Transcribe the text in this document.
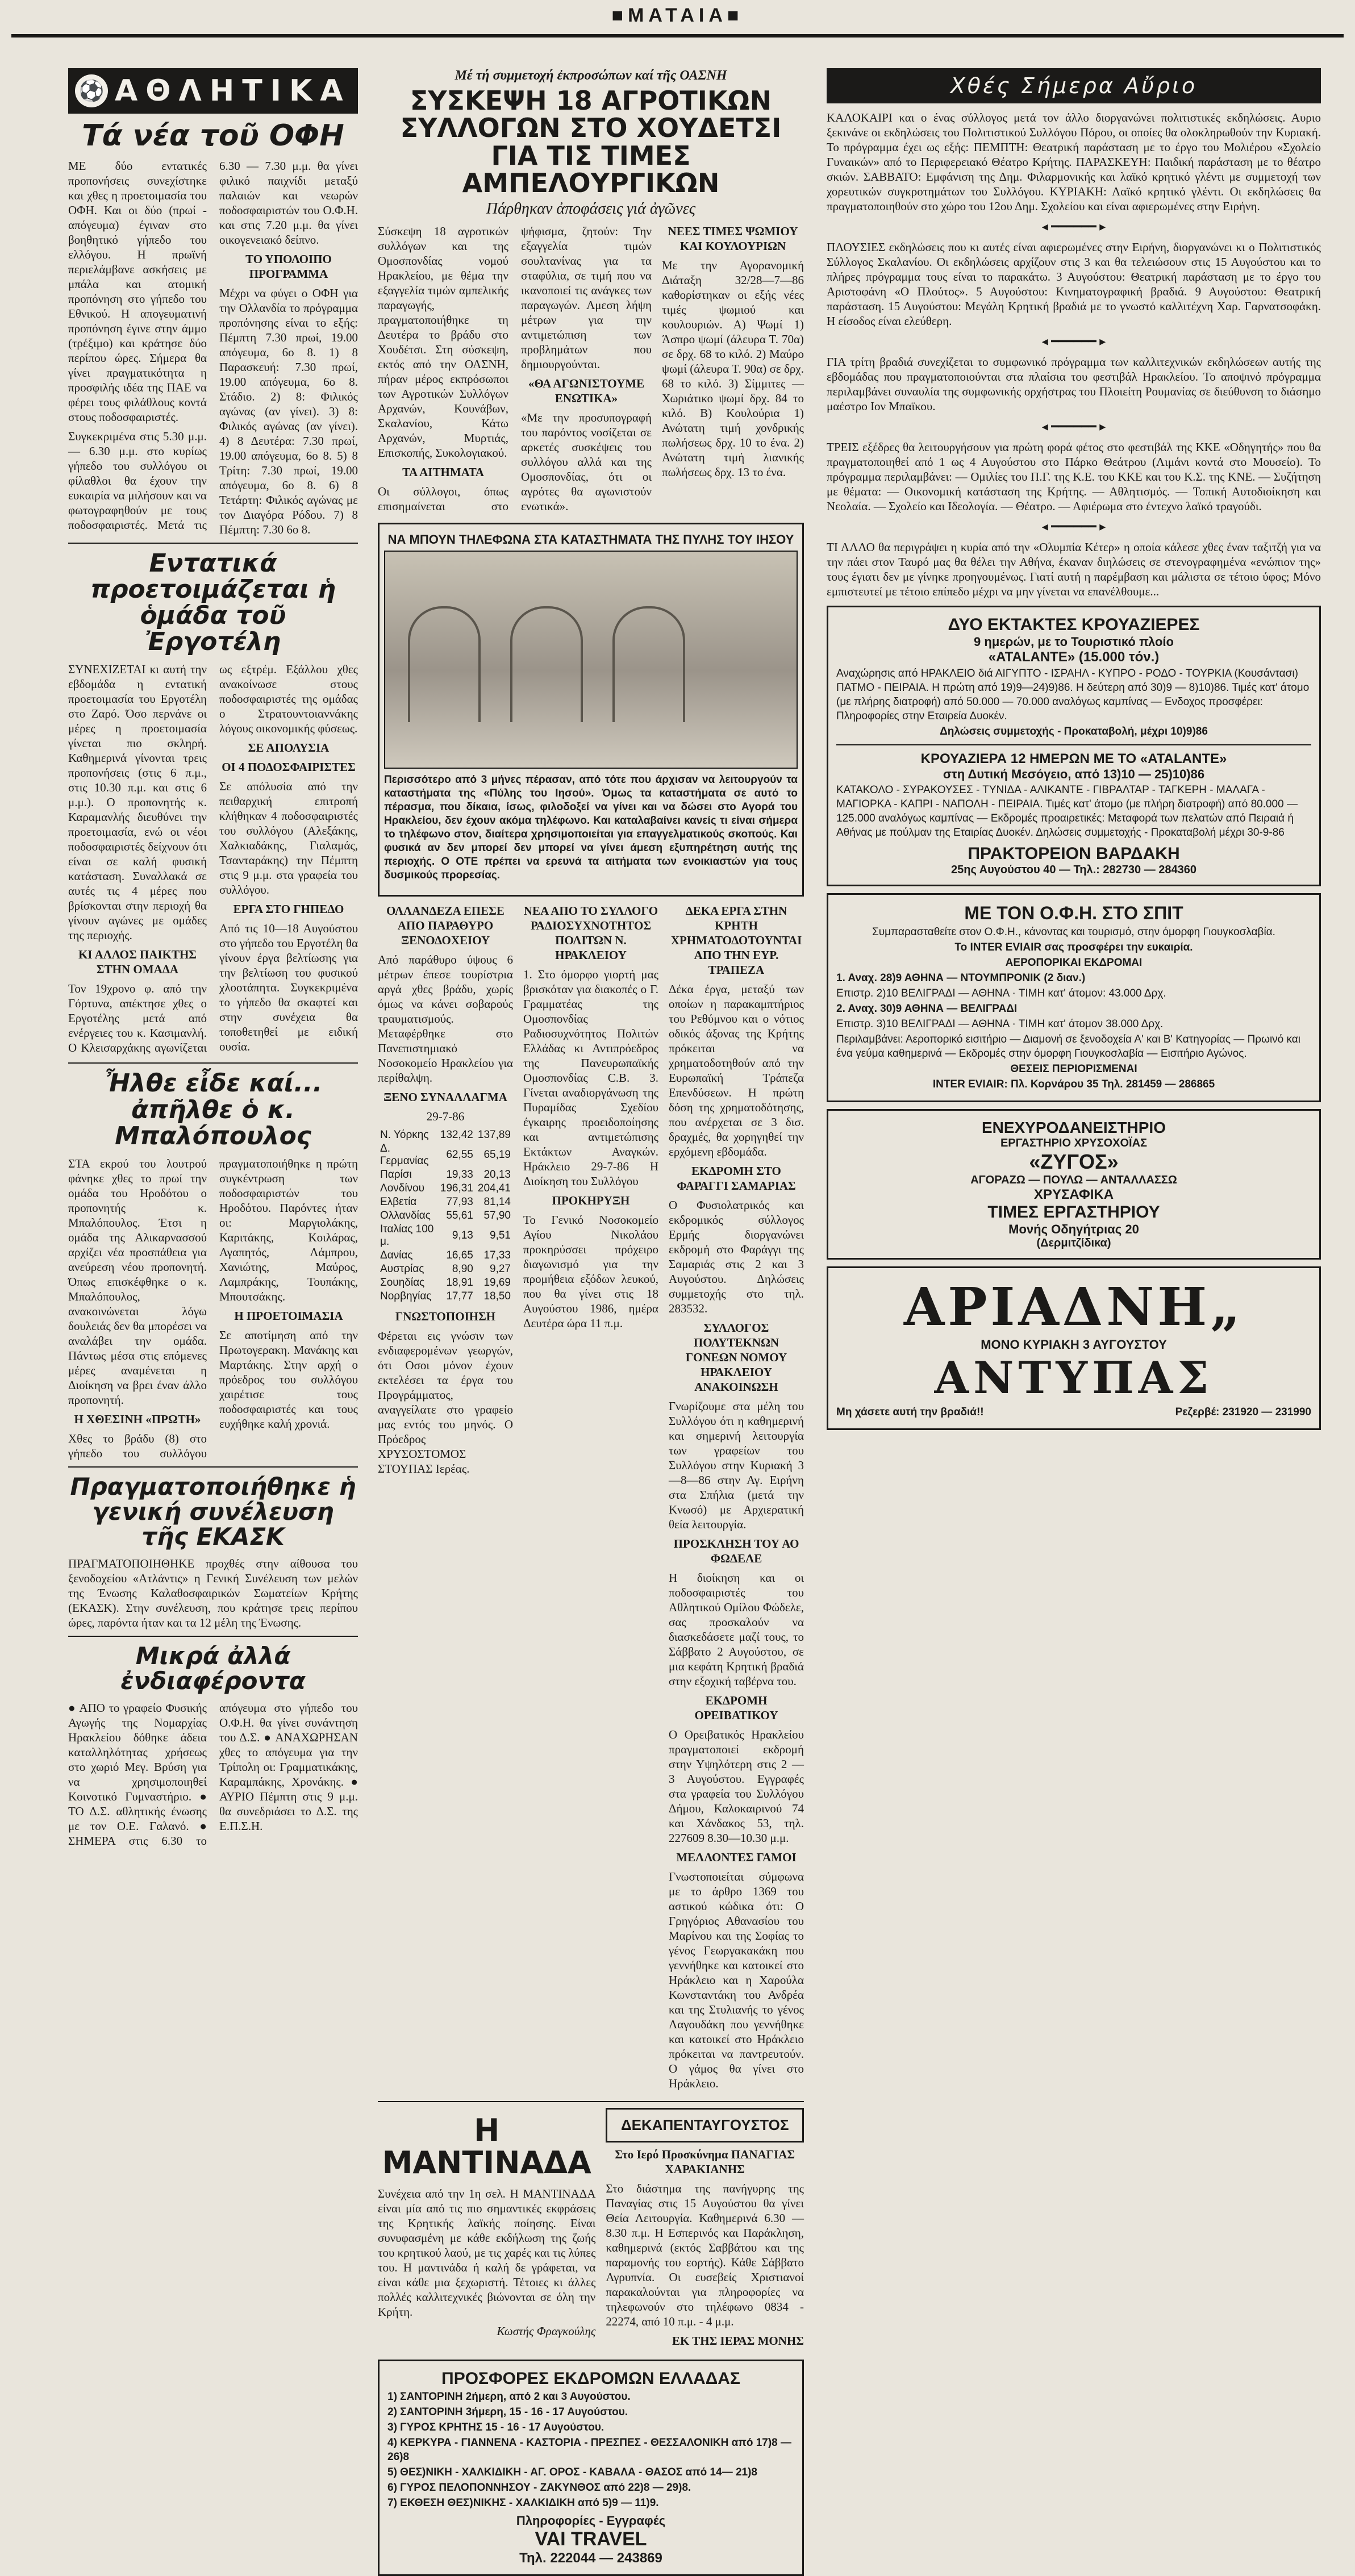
■ΜΑΤΑΙΑ■
⚽ ΑΘΛΗΤΙΚΑ
Τά νέα τοῦ ΟΦΗ

ΜΕ δύο εντατικές προπονήσεις συνεχίστηκε και χθες η προετοιμασία του ΟΦΗ. Και οι δύο (πρωί - απόγευμα) έγιναν στο βοηθητικό γήπεδο του ελλόγου. Η πρωϊνή περιελάμβανε ασκήσεις με μπάλα και ατομική προπόνηση στο γήπεδο του Εθνικού. Η απογευματινή προπόνηση έγινε στην άμμο (τρέξιμο) και κράτησε δύο περίπου ώρες. Σήμερα θα γίνει πραγματικότητα η προσφιλής ιδέα της ΠΑΕ να φέρει τους φιλάθλους κοντά στους ποδοσφαιριστές.

Συγκεκριμένα στις 5.30 μ.μ.— 6.30 μ.μ. στο κυρίως γήπεδο του συλλόγου οι φίλαθλοι θα έχουν την ευκαιρία να μιλήσουν και να φωτογραφηθούν με τους ποδοσφαιριστές. Μετά τις 6.30 — 7.30 μ.μ. θα γίνει φιλικό παιχνίδι μεταξύ παλαιών και νεωρών ποδοσφαιριστών του Ο.Φ.Η. και στις 7.20 μ.μ. θα γίνει οικογενειακό δείπνο.

ΤΟ ΥΠΟΛΟΙΠΟ ΠΡΟΓΡΑΜΜΑ

Μέχρι να φύγει ο ΟΦΗ για την Ολλανδία το πρόγραμμα προπόνησης είναι το εξής: Πέμπτη 7.30 πρωί, 19.00 απόγευμα, 6ο 8. 1) 8 Παρασκευή: 7.30 πρωί, 19.00 απόγευμα, 6ο 8. Στάδιο. 2) 8: Φιλικός αγώνας (αν γίνει). 3) 8: Φιλικός αγώνας (αν γίνει). 4) 8 Δευτέρα: 7.30 πρωί, 19.00 απόγευμα, 6ο 8. 5) 8 Τρίτη: 7.30 πρωί, 19.00 απόγευμα, 6ο 8. 6) 8 Τετάρτη: Φιλικός αγώνας με τον Διαγόρα Ρόδου. 7) 8 Πέμπτη: 7.30 6ο 8.

Εντατικά προετοιμάζεται ἡ ὁμάδα τοῦ Ἐργοτέλη

ΣΥΝΕΧΙΖΕΤΑΙ κι αυτή την εβδομάδα η εντατική προετοιμασία του Εργοτέλη στο Ζαρό. Όσο περνάνε οι μέρες η προετοιμασία γίνεται πιο σκληρή. Καθημερινά γίνονται τρεις προπονήσεις (στις 6 π.μ., στις 10.30 π.μ. και στις 6 μ.μ.). Ο προπονητής κ. Καραμανλής διευθύνει την προετοιμασία, ενώ οι νέοι ποδοσφαιριστές δείχνουν ότι είναι σε καλή φυσική κατάσταση. Συναλλακά σε αυτές τις 4 μέρες που βρίσκονται στην περιοχή θα γίνουν αγώνες με ομάδες της περιοχής.

ΚΙ ΑΛΛΟΣ ΠΑΙΚΤΗΣ ΣΤΗΝ ΟΜΑΔΑ

Τον 19χρονο φ. από την Γόρτυνα, απέκτησε χθες ο Εργοτέλης μετά από ενέργειες του κ. Κασιμανλή. Ο Κλεισαρχάκης αγωνίζεται ως εξτρέμ. Εξάλλου χθες ανακοίνωσε στους ποδοσφαιριστές της ομάδας ο Στρατουντοιαννάκης λόγους οικονομικής φύσεως.

ΣΕ ΑΠΟΛΥΣΙΑ

ΟΙ 4 ΠΟΔΟΣΦΑΙΡΙΣΤΕΣ

Σε απόλυσία από την πειθαρχική επιτροπή κλήθηκαν 4 ποδοσφαιριστές του συλλόγου (Αλεξάκης, Χαλκιαδάκης, Γιαλαμάς, Τσανταράκης) την Πέμπτη στις 9 μ.μ. στα γραφεία του συλλόγου.

ΕΡΓΑ ΣΤΟ ΓΗΠΕΔΟ

Από τις 10—18 Αυγούστου στο γήπεδο του Εργοτέλη θα γίνουν έργα βελτίωσης για την βελτίωση του φυσικού χλοοτάπητα. Συγκεκριμένα το γήπεδο θα σκαφτεί και στην συνέχεια θα τοποθετηθεί με ειδική ουσία.

Ἦλθε εἶδε καί... ἀπῆλθε ὁ κ. Μπαλόπουλος

ΣΤΑ εκρού του λουτρού φάνηκε χθες το πρωί την ομάδα του Ηροδότου ο προπονητής κ. Μπαλόπουλος. Έτσι η ομάδα της Αλικαρνασσού αρχίζει νέα προσπάθεια για ανεύρεση νέου προπονητή. Όπως επισκέφθηκε ο κ. Μπαλόπουλος, ανακοινώνεται λόγω δουλειάς δεν θα μπορέσει να αναλάβει την ομάδα. Πάντως μέσα στις επόμενες μέρες αναμένεται η Διοίκηση να βρει έναν άλλο προπονητή.

Η ΧΘΕΣΙΝΗ «ΠΡΩΤΗ»

Χθες το βράδυ (8) στο γήπεδο του συλλόγου πραγματοποιήθηκε η πρώτη συγκέντρωση των ποδοσφαιριστών του Ηροδότου. Παρόντες ήταν οι: Μαργιολάκης, Καριτάκης, Κοιλάρας, Αγαπητός, Λάμπρου, Χανιώτης, Μαύρος, Λαμπράκης, Τουπάκης, Μπουτσάκης.

Η ΠΡΟΕΤΟΙΜΑΣΙΑ

Σε αποτίμηση από την Πρωτογερακη. Μανάκης και Μαρτάκης. Στην αρχή ο πρόεδρος του συλλόγου χαιρέτισε τους ποδοσφαιριστές και τους ευχήθηκε καλή χρονιά.

Πραγματοποιήθηκε ἡ γενική συνέλευση τῆς ΕΚΑΣΚ

ΠΡΑΓΜΑΤΟΠΟΙΗΘΗΚΕ προχθές στην αίθουσα του ξενοδοχείου «Ατλάντις» η Γενική Συνέλευση των μελών της Ένωσης Καλαθοσφαιρικών Σωματείων Κρήτης (ΕΚΑΣΚ). Στην συνέλευση, που κράτησε τρεις περίπου ώρες, παρόντα ήταν και τα 12 μέλη της Ένωσης.

Μικρά ἀλλά ἐνδιαφέροντα

● ΑΠΟ το γραφείο Φυσικής Αγωγής της Νομαρχίας Ηρακλείου δόθηκε άδεια καταλληλότητας χρήσεως στο χωριό Μεγ. Βρύση για να χρησιμοποιηθεί Κοινοτικό Γυμναστήριο. ● ΤΟ Δ.Σ. αθλητικής ένωσης με τον Ο.Ε. Γαλανό. ● ΣΗΜΕΡΑ στις 6.30 το απόγευμα στο γήπεδο του Ο.Φ.Η. θα γίνει συνάντηση του Δ.Σ. ● ΑΝΑΧΩΡΗΣΑΝ χθες το απόγευμα για την Τρίπολη οι: Γραμματικάκης, Καραμπάκης, Χρονάκης. ● ΑΥΡΙΟ Πέμπτη στις 9 μ.μ. θα συνεδριάσει το Δ.Σ. της Ε.Π.Σ.Η.

Μέ τή συμμετοχή ἐκπροσώπων καί τῆς ΟΑΣΝΗ
ΣΥΣΚΕΨΗ 18 ΑΓΡΟΤΙΚΩΝ ΣΥΛΛΟΓΩΝ ΣΤΟ ΧΟΥΔΕΤΣΙ ΓΙΑ ΤΙΣ ΤΙΜΕΣ ΑΜΠΕΛΟΥΡΓΙΚΩΝ
Πάρθηκαν ἀποφάσεις γιά ἀγῶνες

Σύσκεψη 18 αγροτικών συλλόγων και της Ομοσπονδίας νομού Ηρακλείου, με θέμα την εξαγγελία τιμών αμπελικής παραγωγής, πραγματοποιήθηκε τη Δευτέρα το βράδυ στο Χουδέτσι. Στη σύσκεψη, εκτός από την ΟΑΣΝΗ, πήραν μέρος εκπρόσωποι των Αγροτικών Συλλόγων Αρχανών, Κουνάβων, Σκαλανίου, Κάτω Αρχανών, Μυρτιάς, Επισκοπής, Συκολογιακού.

ΤΑ ΑΙΤΗΜΑΤΑ

Οι σύλλογοι, όπως επισημαίνεται στο ψήφισμα, ζητούν: Την εξαγγελία τιμών σουλτανίνας για τα σταφύλια, σε τιμή που να ικανοποιεί τις ανάγκες των παραγωγών. Αμεση λήψη μέτρων για την αντιμετώπιση των προβλημάτων που δημιουργούνται.

«ΘΑ ΑΓΩΝΙΣΤΟΥΜΕ ΕΝΩΤΙΚΑ»

«Με την προσυπογραφή του παρόντος νοσίζεται σε αρκετές συσκέψεις του συλλόγου αλλά και της Ομοσπονδίας, ότι οι αγρότες θα αγωνιστούν ενωτικά».

ΝΕΕΣ ΤΙΜΕΣ ΨΩΜΙΟΥ ΚΑΙ ΚΟΥΛΟΥΡΙΩΝ

Με την Αγορανομική Διάταξη 32/28—7—86 καθορίστηκαν οι εξής νέες τιμές ψωμιού και κουλουριών. Α) Ψωμί 1) Άσπρο ψωμί (άλευρα Τ. 70α) σε δρχ. 68 το κιλό. 2) Μαύρο ψωμί (άλευρα Τ. 90α) σε δρχ. 68 το κιλό. 3) Σίμμιτες — Χωριάτικο ψωμί δρχ. 84 το κιλό. Β) Κουλούρια 1) Ανώτατη τιμή χονδρικής πωλήσεως δρχ. 10 το ένα. 2) Ανώτατη τιμή λιανικής πωλήσεως δρχ. 13 το ένα.

ΝΑ ΜΠΟΥΝ ΤΗΛΕΦΩΝΑ ΣΤΑ ΚΑΤΑΣΤΗΜΑΤΑ ΤΗΣ ΠΥΛΗΣ ΤΟΥ ΙΗΣΟΥ

Περισσότερο από 3 μήνες πέρασαν, από τότε που άρχισαν να λειτουργούν τα καταστήματα της «Πύλης του Ιησού». Όμως τα καταστήματα σε αυτό το πέρασμα, που δίκαια, ίσως, φιλοδοξεί να γίνει και να δώσει στο Αγορά του Ηρακλείου, δεν έχουν ακόμα τηλέφωνο. Και καταλαβαίνει κανείς τι είναι σήμερα το τηλέφωνο στον, διαίτερα χρησιμοποιείται για επαγγελματικούς σκοπούς. Και φυσικά αν δεν μπορεί δεν μπορεί να γίνει άμεση εξυπηρέτηση αυτής της περιοχής. Ο ΟΤΕ πρέπει να ερευνά τα αιτήματα των ενοικιαστών για τους δυσμικούς προρεσίας.

ΟΛΛΑΝΔΕΖΑ ΕΠΕΣΕ ΑΠΟ ΠΑΡΑΘΥΡΟ ΞΕΝΟΔΟΧΕΙΟΥ

Από παράθυρο ύψους 6 μέτρων έπεσε τουρίστρια αργά χθες βράδυ, χωρίς όμως να κάνει σοβαρούς τραυματισμούς. Μεταφέρθηκε στο Πανεπιστημιακό Νοσοκομείο Ηρακλείου για περίθαλψη.

ΞΕΝΟ ΣΥΝΑΛΛΑΓΜΑ

29-7-86

Ν. Υόρκης	132,42	137,89
Δ. Γερμανίας	62,55	65,19
Παρίσι	19,33	20,13
Λονδίνου	196,31	204,41
Ελβετία	77,93	81,14
Ολλανδίας	55,61	57,90
Ιταλίας 100 μ.	9,13	9,51
Δανίας	16,65	17,33
Αυστρίας	8,90	9,27
Σουηδίας	18,91	19,69
Νορβηγίας	17,77	18,50

ΓΝΩΣΤΟΠΟΙΗΣΗ

Φέρεται εις γνώσιν των ενδιαφερομένων γεωργών, ότι Οσοι μόνον έχουν εκτελέσει τα έργα του Προγράμματος, αναγγείλατε στο γραφείο μας εντός του μηνός. Ο Πρόεδρος ΧΡΥΣΟΣΤΟΜΟΣ ΣΤΟΥΠΑΣ Ιερέας.

ΝΕΑ ΑΠΟ ΤΟ ΣΥΛΛΟΓΟ ΡΑΔΙΟΣΥΧΝΟΤΗΤΟΣ ΠΟΛΙΤΩΝ Ν. ΗΡΑΚΛΕΙΟΥ

1. Στο όμορφο γιορτή μας βρισκόταν για διακοπές ο Γ. Γραμματέας της Ομοσπονδίας Ραδιοσυχνότητος Πολιτών Ελλάδας κι Αντιπρόεδρος της Πανευρωπαϊκής Ομοσπονδίας C.B. 3. Γίνεται αναδιοργάνωση της Πυραμίδας Σχεδίου έγκαιρης προειδοποίησης και αντιμετώπισης Εκτάκτων Αναγκών. Ηράκλειο 29-7-86 Η Διοίκηση του Συλλόγου

ΠΡΟΚΗΡΥΞΗ

Το Γενικό Νοσοκομείο Αγίου Νικολάου προκηρύσσει πρόχειρο διαγωνισμό για την προμήθεια εξόδων λευκού, που θα γίνει στις 18 Αυγούστου 1986, ημέρα Δευτέρα ώρα 11 π.μ.

ΔΕΚΑ ΕΡΓΑ ΣΤΗΝ ΚΡΗΤΗ ΧΡΗΜΑΤΟΔΟΤΟΥΝΤΑΙ ΑΠΟ ΤΗΝ ΕΥΡ. ΤΡΑΠΕΖΑ

Δέκα έργα, μεταξύ των οποίων η παρακαμπτήριος του Ρεθύμνου και ο νότιος οδικός άξονας της Κρήτης πρόκειται να χρηματοδοτηθούν από την Ευρωπαϊκή Τράπεζα Επενδύσεων. Η πρώτη δόση της χρηματοδότησης, που ανέρχεται σε 3 δισ. δραχμές, θα χορηγηθεί την ερχόμενη εβδομάδα.

ΕΚΔΡΟΜΗ ΣΤΟ ΦΑΡΑΓΓΙ ΣΑΜΑΡΙΑΣ

Ο Φυσιολατρικός και εκδρομικός σύλλογος Ερμής διοργανώνει εκδρομή στο Φαράγγι της Σαμαριάς στις 2 και 3 Αυγούστου. Δηλώσεις συμμετοχής στο τηλ. 283532.

ΣΥΛΛΟΓΟΣ ΠΟΛΥΤΕΚΝΩΝ ΓΟΝΕΩΝ ΝΟΜΟΥ ΗΡΑΚΛΕΙΟΥ ΑΝΑΚΟΙΝΩΣΗ

Γνωρίζουμε στα μέλη του Συλλόγου ότι η καθημερινή και σημερινή λειτουργία των γραφείων του Συλλόγου στην Κυριακή 3—8—86 στην Αγ. Ειρήνη στα Σπήλια (μετά την Κνωσό) με Αρχιερατική θεία λειτουργία.

ΠΡΟΣΚΛΗΣΗ ΤΟΥ ΑΟ ΦΩΔΕΛΕ

Η διοίκηση και οι ποδοσφαιριστές του Αθλητικού Ομίλου Φώδελε, σας προσκαλούν να διασκεδάσετε μαζί τους, το Σάββατο 2 Αυγούστου, σε μια κεφάτη Κρητική βραδιά στην εξοχική ταβέρνα του.

ΕΚΔΡΟΜΗ ΟΡΕΙΒΑΤΙΚΟΥ

Ο Ορειβατικός Ηρακλείου πραγματοποιεί εκδρομή στην Υψηλότερη στις 2 — 3 Αυγούστου. Εγγραφές στα γραφεία του Συλλόγου Δήμου, Καλοκαιρινού 74 και Χάνδακος 53, τηλ. 227609 8.30—10.30 μ.μ.

ΜΕΛΛΟΝΤΕΣ ΓΑΜΟΙ

Γνωστοποιείται σύμφωνα με το άρθρο 1369 του αστικού κώδικα ότι: Ο Γρηγόριος Αθανασίου του Μαρίνου και της Σοφίας το γένος Γεωργακακάκη που γεννήθηκε και κατοικεί στο Ηράκλειο και η Χαρούλα Κωνσταντάκη του Ανδρέα και της Στυλιανής το γένος Λαγουδάκη που γεννήθηκε και κατοικεί στο Ηράκλειο πρόκειται να παντρευτούν. Ο γάμος θα γίνει στο Ηράκλειο.

Η ΜΑΝΤΙΝΑΔΑ

Συνέχεια από την 1η σελ. Η ΜΑΝΤΙΝΑΔΑ είναι μία από τις πιο σημαντικές εκφράσεις της Κρητικής λαϊκής ποίησης. Είναι συνυφασμένη με κάθε εκδήλωση της ζωής του κρητικού λαού, με τις χαρές και τις λύπες του. Η μαντινάδα ή καλή δε γράφεται, να είναι κάθε μια ξεχωριστή. Τέτοιες κι άλλες πολλές καλλιτεχνικές βιώνονται σε όλη την Κρήτη.

Κωστής Φραγκούλης

ΔΕΚΑΠΕΝΤΑΥΓΟΥΣΤΟΣ

Στο Ιερό Προσκύνημα ΠΑΝΑΓΙΑΣ ΧΑΡΑΚΙΑΝΗΣ

Στο διάστημα της πανήγυρης της Παναγίας στις 15 Αυγούστου θα γίνει Θεία Λειτουργία. Καθημερινά 6.30 — 8.30 π.μ. Η Εσπερινός και Παράκληση, καθημερινά (εκτός Σαββάτου και της παραμονής του εορτής). Κάθε Σάββατο Αγρυπνία. Οι ευσεβείς Χριστιανοί παρακαλούνται για πληροφορίες να τηλεφωνούν στο τηλέφωνο 0834 - 22274, από 10 π.μ. - 4 μ.μ.

ΕΚ ΤΗΣ ΙΕΡΑΣ ΜΟΝΗΣ

ΠΡΟΣΦΟΡΕΣ ΕΚΔΡΟΜΩΝ ΕΛΛΑΔΑΣ
1) ΣΑΝΤΟΡΙΝΗ 2ήμερη, από 2 και 3 Αυγούστου.
2) ΣΑΝΤΟΡΙΝΗ 3ήμερη, 15 - 16 - 17 Αυγούστου.
3) ΓΥΡΟΣ ΚΡΗΤΗΣ 15 - 16 - 17 Αυγούστου.
4) ΚΕΡΚΥΡΑ - ΓΙΑΝΝΕΝΑ - ΚΑΣΤΟΡΙΑ - ΠΡΕΣΠΕΣ - ΘΕΣΣΑΛΟΝΙΚΗ από 17)8 — 26)8
5) ΘΕΣ)ΝΙΚΗ - ΧΑΛΚΙΔΙΚΗ - ΑΓ. ΟΡΟΣ - ΚΑΒΑΛΑ - ΘΑΣΟΣ από 14— 21)8
6) ΓΥΡΟΣ ΠΕΛΟΠΟΝΝΗΣΟΥ - ΖΑΚΥΝΘΟΣ από 22)8 — 29)8.
7) ΕΚΘΕΣΗ ΘΕΣ)ΝΙΚΗΣ - ΧΑΛΚΙΔΙΚΗ από 5)9 — 11)9.
Πληροφορίες - Εγγραφές
VAI TRAVEL
Τηλ. 222044 — 243869
Χθές Σήμερα Αὔριο

ΚΑΛΟΚΑΙΡΙ και ο ένας σύλλογος μετά τον άλλο διοργανώνει πολιτιστικές εκδηλώσεις. Αυριο ξεκινάνε οι εκδηλώσεις του Πολιτιστικού Συλλόγου Πόρου, οι οποίες θα ολοκληρωθούν την Κυριακή. Το πρόγραμμα έχει ως εξής: ΠΕΜΠΤΗ: Θεατρική παράσταση με το έργο του Μολιέρου «Σχολείο Γυναικών» από το Περιφερειακό Θέατρο Κρήτης. ΠΑΡΑΣΚΕΥΗ: Παιδική παράσταση με το θέατρο σκιών. ΣΑΒΒΑΤΟ: Εμφάνιση της Δημ. Φιλαρμονικής και λαϊκό κρητικό γλέντι με συμμετοχή των χορευτικών συγκροτημάτων του Συλλόγου. ΚΥΡΙΑΚΗ: Λαϊκό κρητικό γλέντι. Οι εκδηλώσεις θα πραγματοποιηθούν στο χώρο του 12ου Δημ. Σχολείου και είναι αφιερωμένες στην Ειρήνη.

◂ ━━━━━━ ▸

ΠΛΟΥΣΙΕΣ εκδηλώσεις που κι αυτές είναι αφιερωμένες στην Ειρήνη, διοργανώνει κι ο Πολιτιστικός Σύλλογος Σκαλανίου. Οι εκδηλώσεις αρχίζουν στις 3 και θα τελειώσουν στις 15 Αυγούστου και το πλήρες πρόγραμμα τους είναι το παρακάτω. 3 Αυγούστου: Θεατρική παράσταση με το έργο του Αριστοφάνη «Ο Πλούτος». 5 Αυγούστου: Κινηματογραφική βραδιά. 9 Αυγούστου: Θεατρική παράσταση. 15 Αυγούστου: Μεγάλη Κρητική βραδιά με το γνωστό καλλιτέχνη Χαρ. Γαρνατσοφάκη. Η είσοδος είναι ελεύθερη.

◂ ━━━━━━ ▸

ΓΙΑ τρίτη βραδιά συνεχίζεται το συμφωνικό πρόγραμμα των καλλιτεχνικών εκδηλώσεων αυτής της εβδομάδας που πραγματοποιούνται στα πλαίσια του φεστιβάλ Ηρακλείου. Το αποψινό πρόγραμμα περιλαμβάνει συναυλία της συμφωνικής ορχήστρας του Πλοιείτη Ρουμανίας σε διεύθυνση το διάσημο μαέστρο Ιον Μπαϊκου.

◂ ━━━━━━ ▸

ΤΡΕΙΣ εξέδρες θα λειτουργήσουν για πρώτη φορά φέτος στο φεστιβάλ της ΚΚΕ «Οδηγητής» που θα πραγματοποιηθεί από 1 ως 4 Αυγούστου στο Πάρκο Θεάτρου (Λιμάνι κοντά στο Μουσείο). Το πρόγραμμα περιλαμβάνει: — Ομιλίες του Π.Γ. της Κ.Ε. του ΚΚΕ και του Κ.Σ. της ΚΝΕ. — Συζήτηση με θέματα: — Οικονομική κατάσταση της Κρήτης. — Αθλητισμός. — Τοπική Αυτοδιοίκηση και Νεολαία. — Σχολείο και Ιδεολογία. — Θέατρο. — Αφιέρωμα στο έντεχνο λαϊκό τραγούδι.

◂ ━━━━━━ ▸

ΤΙ ΑΛΛΟ θα περιγράψει η κυρία από την «Ολυμπία Κέτερ» η οποία κάλεσε χθες έναν ταξιτζή για να την πάει στον Ταυρό μας θα θέλει την Αθήνα, έκαναν διηλώσεις σε στενογραφημένα «ενώπιον της» τους έγιατι δεν με γίνηκε προηγουμένως. Γιατί αυτή η παρέμβαση και μάλιστα σε τέτοιο ύφος; Μόνο εμπιστευτεί με τέτοιο επίπεδο μέχρι να μην γίνεται να επανέλθουμε...

ΔΥΟ ΕΚΤΑΚΤΕΣ ΚΡΟΥΑΖΙΕΡΕΣ
9 ημερών, με το Τουριστικό πλοίο
«ATALANTE» (15.000 τόν.)

Αναχώρησις από ΗΡΑΚΛΕΙΟ διά ΑΙΓΥΠΤΟ - ΙΣΡΑΗΛ - ΚΥΠΡΟ - ΡΟΔΟ - ΤΟΥΡΚΙΑ (Κουσάντασι) ΠΑΤΜΟ - ΠΕΙΡΑΙΑ. Η πρώτη από 19)9—24)9)86. Η δεύτερη από 30)9 — 8)10)86. Τιμές κατ' άτομο (με πλήρης διατροφή) από 50.000 — 70.000 αναλόγως καμπίνας — Ενδοχος προσφέρει: Πληροφορίες στην Εταιρεία Δυοκέν.

Δηλώσεις συμμετοχής - Προκαταβολή, μέχρι 10)9)86

ΚΡΟΥΑΖΙΕΡΑ 12 ΗΜΕΡΩΝ ΜΕ ΤΟ «ATALANTE»
στη Δυτική Μεσόγειο, από 13)10 — 25)10)86

ΚΑΤΑΚΟΛΟ - ΣΥΡΑΚΟΥΣΕΣ - ΤΥΝΙΔΑ - ΑΛΙΚΑΝΤΕ - ΓΙΒΡΑΛΤΑΡ - ΤΑΓΚΕΡΗ - ΜΑΛΑΓΑ - ΜΑΓΙΟΡΚΑ - ΚΑΠΡΙ - ΝΑΠΟΛΗ - ΠΕΙΡΑΙΑ. Τιμές κατ' άτομο (με πλήρη διατροφή) από 80.000 — 125.000 αναλόγως καμπίνας — Εκδρομές προαιρετικές: Μεταφορά των πελατών από Πειραιά ή Αθήνας με πούλμαν της Εταιρίας Δυοκέν. Δηλώσεις συμμετοχής - Προκαταβολή μέχρι 30-9-86

ΠΡΑΚΤΟΡΕΙΟΝ ΒΑΡΔΑΚΗ
25ης Αυγούστου 40 — Τηλ.: 282730 — 284360
ΜΕ ΤΟΝ Ο.Φ.Η. ΣΤΟ ΣΠΙΤ
Συμπαρασταθείτε στον Ο.Φ.Η., κάνοντας και τουρισμό, στην όμορφη Γιουγκοσλαβία.
Το INTER EVIAIR σας προσφέρει την ευκαιρία.
ΑΕΡΟΠΟΡΙΚΑΙ ΕΚΔΡΟΜΑΙ
1. Αναχ. 28)9 ΑΘΗΝΑ — ΝΤΟΥΜΠΡΟΝΙΚ (2 διαν.)
Επιστρ. 2)10 ΒΕΛΙΓΡΑΔΙ — ΑΘΗΝΑ · ΤΙΜΗ κατ' άτομον: 43.000 Δρχ.
2. Αναχ. 30)9 ΑΘΗΝΑ — ΒΕΛΙΓΡΑΔΙ
Επιστρ. 3)10 ΒΕΛΙΓΡΑΔΙ — ΑΘΗΝΑ · ΤΙΜΗ κατ' άτομον 38.000 Δρχ.
Περιλαμβάνει: Αεροπορικό εισιτήριο — Διαμονή σε ξενοδοχεία Α' και Β' Κατηγορίας — Πρωινό και ένα γεύμα καθημερινά — Εκδρομές στην όμορφη Γιουγκοσλαβία — Εισιτήριο Αγώνος.
ΘΕΣΕΙΣ ΠΕΡΙΟΡΙΣΜΕΝΑΙ
INTER EVIAIR: Πλ. Κορνάρου 35 Τηλ. 281459 — 286865
ΕΝΕΧΥΡΟΔΑΝΕΙΣΤΗΡΙΟ
ΕΡΓΑΣΤΗΡΙΟ ΧΡΥΣΟΧΟΪΑΣ
«ΖΥΓΟΣ»
ΑΓΟΡΑΖΩ — ΠΟΥΛΩ — ΑΝΤΑΛΛΑΣΣΩ
ΧΡΥΣΑΦΙΚΑ
ΤΙΜΕΣ ΕΡΓΑΣΤΗΡΙΟΥ
Μονής Οδηγήτριας 20
(Δερμιτζίδικα)
ΑΡΙΑΔΝΗ„
ΜΟΝΟ ΚΥΡΙΑΚΗ 3 ΑΥΓΟΥΣΤΟΥ
ΑΝΤΥΠΑΣ
Μη χάσετε αυτή την βραδιά!!	Ρεζερβέ: 231920 — 231990
